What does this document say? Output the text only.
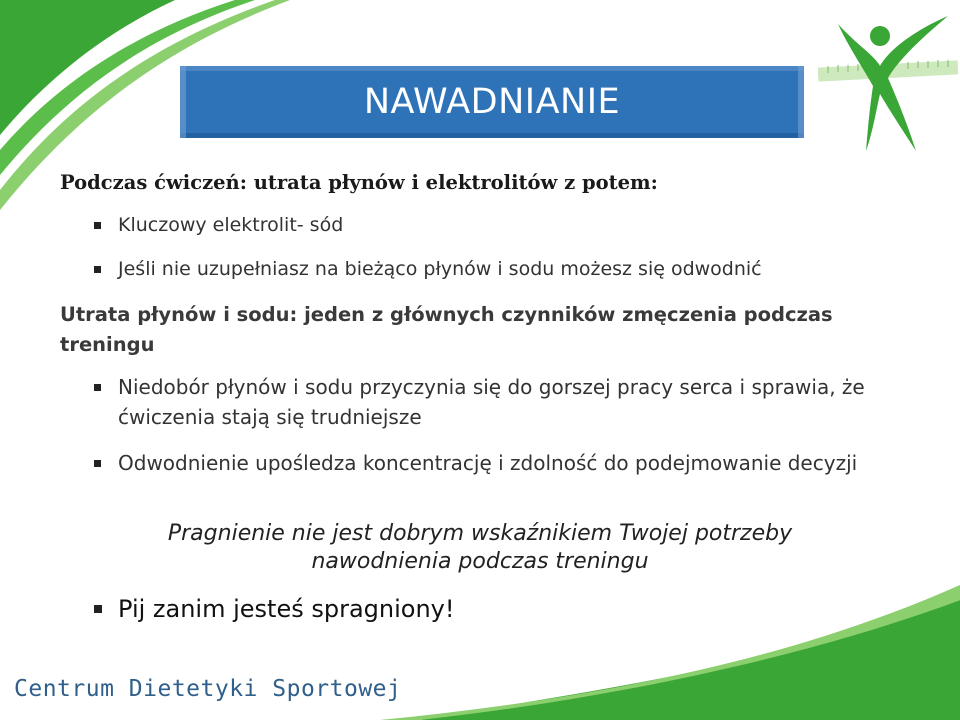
NAWADNIANIE
Podczas ćwiczeń: utrata płynów i elektrolitów z potem:
Kluczowy elektrolit- sód
Jeśli nie uzupełniasz na bieżąco płynów i sodu możesz się odwodnić
Utrata płynów i sodu: jeden z głównych czynników zmęczenia podczas treningu
Niedobór płynów i sodu przyczynia się do gorszej pracy serca i sprawia, że ćwiczenia stają się trudniejsze
Odwodnienie upośledza koncentrację i zdolność do podejmowanie decyzji
Pragnienie nie jest dobrym wskaźnikiem Twojej potrzeby nawodnienia podczas treningu
Pij zanim jesteś spragniony!
Centrum Dietetyki Sportowej
